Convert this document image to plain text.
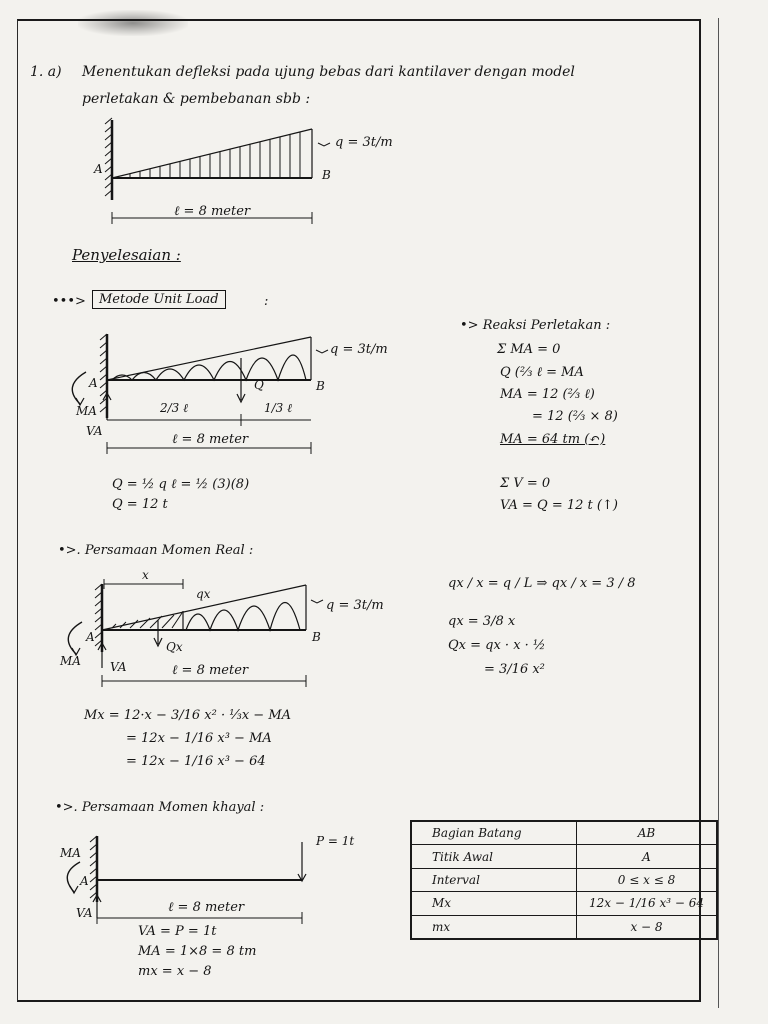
1. a) Menentukan defleksi pada ujung bebas dari kantilaver dengan model
perletakan & pembebanan sbb :
A	B
q = 3t/m
ℓ = 8 meter
Penyelesaian :
•••>	Metode Unit Load	:
A	B
MA
VA
Q
q = 3t/m
2/3 ℓ	1/3 ℓ
ℓ = 8 meter
Q = ½ q ℓ = ½ (3)(8)
Q = 12 t
•> Reaksi Perletakan :
Σ MA = 0
Q (⅔ ℓ = MA
MA = 12 (⅔ ℓ)
= 12 (⅔ × 8)
MA = 64 tm (↶)
Σ V = 0
VA = Q = 12 t (↑)
•>. Persamaan Momen Real :
x
qx
Qx
A	B
MA VA
q = 3t/m
ℓ = 8 meter
qx / x = q / L ⇒ qx / x = 3 / 8
qx = 3/8 x
Qx = qx · x · ½
= 3/16 x²
Mx = 12·x − 3/16 x² · ⅓x − MA
= 12x − 1/16 x³ − MA
= 12x − 1/16 x³ − 64
•>. Persamaan Momen khayal :
P = 1t
MA
A
VA	ℓ = 8 meter
VA = P = 1t
MA = 1×8 = 8 tm
mx = x − 8
Bagian Batang	AB
Titik Awal	A
Interval	0 ≤ x ≤ 8
Mx	12x − 1/16 x³ − 64
mx	x − 8
